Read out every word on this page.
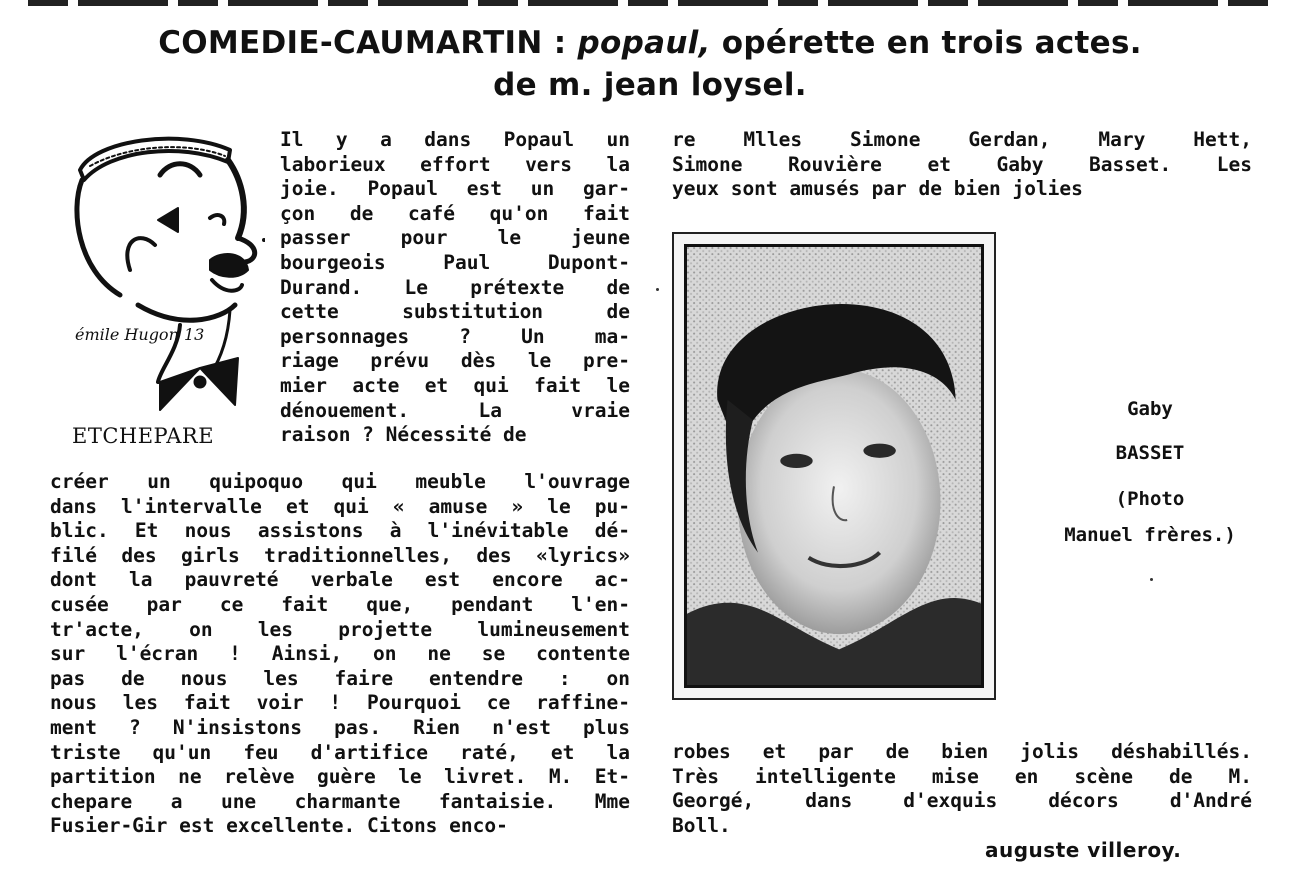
COMEDIE-CAUMARTIN : popaul, opérette en trois actes.
de m. jean loysel.
émile Hugon 13
ETCHEPARE
Il y a dans Popaul un
laborieux effort vers la
joie. Popaul est un gar-
çon de café qu'on fait
passer pour le jeune
bourgeois Paul Dupont-
Durand. Le prétexte de
cette substitution de
personnages ? Un ma-
riage prévu dès le pre-
mier acte et qui fait le
dénouement. La vraie
raison ? Nécessité de
créer un quipoquo qui meuble l'ouvrage
dans l'intervalle et qui « amuse » le pu-
blic. Et nous assistons à l'inévitable dé-
filé des girls traditionnelles, des «lyrics»
dont la pauvreté verbale est encore ac-
cusée par ce fait que, pendant l'en-
tr'acte, on les projette lumineusement
sur l'écran ! Ainsi, on ne se contente
pas de nous les faire entendre : on
nous les fait voir ! Pourquoi ce raffine-
ment ? N'insistons pas. Rien n'est plus
triste qu'un feu d'artifice raté, et la
partition ne relève guère le livret. M. Et-
chepare a une charmante fantaisie. Mme
Fusier-Gir est excellente. Citons enco-
re Mlles Simone Gerdan, Mary Hett,
Simone Rouvière et Gaby Basset. Les
yeux sont amusés par de bien jolies
Gaby
BASSET
(Photo
Manuel frères.)
robes et par de bien jolis déshabillés.
Très intelligente mise en scène de M.
Georgé, dans d'exquis décors d'André
Boll.
auguste villeroy.
